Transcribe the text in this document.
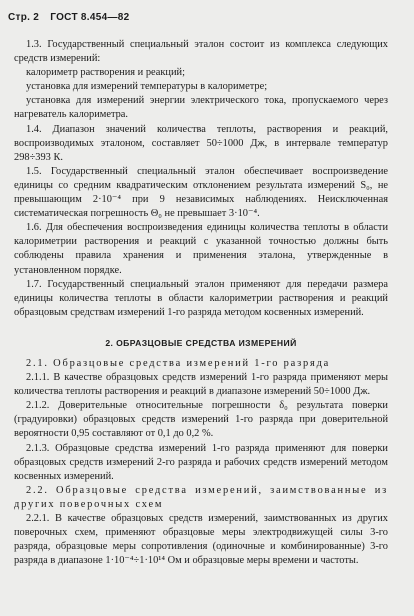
Стр. 2 ГОСТ 8.454—82

1.3. Государственный специальный эталон состоит из комплекса следующих средств измерений:

калориметр растворения и реакций;

установка для измерений температуры в калориметре;

установка для измерений энергии электрического тока, пропускаемого через нагреватель калориметра.

1.4. Диапазон значений количества теплоты, растворения и реакций, воспроизводимых эталоном, составляет 50÷1000 Дж, в интервале температур 298÷393 К.

1.5. Государственный специальный эталон обеспечивает воспроизведение единицы со средним квадратическим отклонением результата измерений S₀, не превышающим 2·10⁻⁴ при 9 независимых наблюдениях. Неисключенная систематическая погрешность Θ₀ не превышает 3·10⁻⁴.

1.6. Для обеспечения воспроизведения единицы количества теплоты в области калориметрии растворения и реакций с указанной точностью должны быть соблюдены правила хранения и применения эталона, утвержденные в установленном порядке.

1.7. Государственный специальный эталон применяют для передачи размера единицы количества теплоты в области калориметрии растворения и реакций образцовым средствам измерений 1-го разряда методом косвенных измерений.

2. ОБРАЗЦОВЫЕ СРЕДСТВА ИЗМЕРЕНИЙ

2.1. Образцовые средства измерений 1-го разряда

2.1.1. В качестве образцовых средств измерений 1-го разряда применяют меры количества теплоты растворения и реакций в диапазоне измерений 50÷1000 Дж.

2.1.2. Доверительные относительные погрешности δ₀ результата поверки (градуировки) образцовых средств измерений 1-го разряда при доверительной вероятности 0,95 составляют от 0,1 до 0,2 %.

2.1.3. Образцовые средства измерений 1-го разряда применяют для поверки образцовых средств измерений 2-го разряда и рабочих средств измерений методом косвенных измерений.

2.2. Образцовые средства измерений, заимствованные из других поверочных схем

2.2.1. В качестве образцовых средств измерений, заимствованных из других поверочных схем, применяют образцовые меры электродвижущей силы 3-го разряда, образцовые меры сопротивления (одиночные и комбинированные) 3-го разряда в диапазоне 1·10⁻⁴÷1·10¹⁴ Ом и образцовые меры времени и частоты.
